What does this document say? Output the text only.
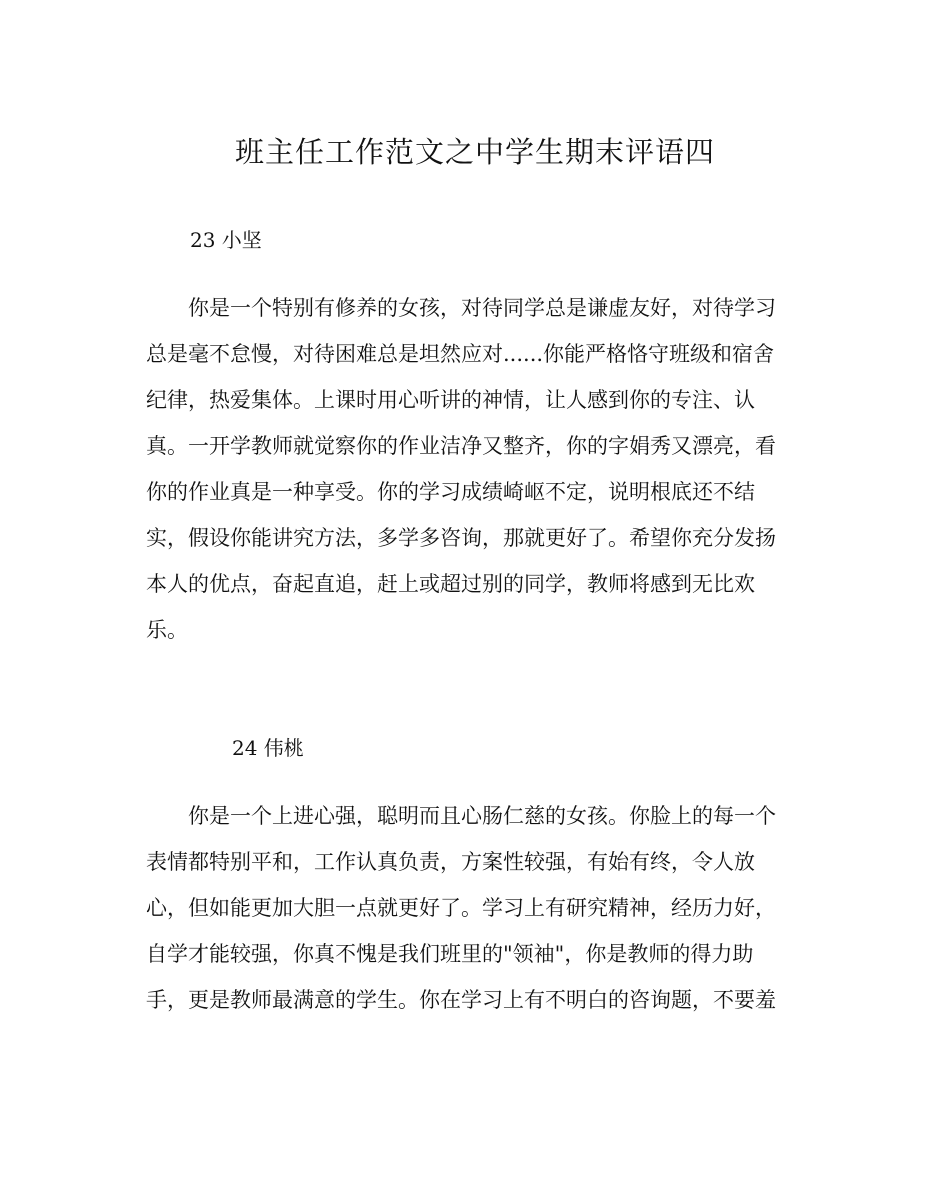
班主任工作范文之中学生期末评语四
23 小坚
　　你是一个特别有修养的女孩，对待同学总是谦虚友好，对待学习
总是毫不怠慢，对待困难总是坦然应对......你能严格恪守班级和宿舍
纪律，热爱集体。上课时用心听讲的神情，让人感到你的专注、认
真。一开学教师就觉察你的作业洁净又整齐，你的字娟秀又漂亮，看
你的作业真是一种享受。你的学习成绩崎岖不定，说明根底还不结
实，假设你能讲究方法，多学多咨询，那就更好了。希望你充分发扬
本人的优点，奋起直追，赶上或超过别的同学，教师将感到无比欢
乐。
24 伟桃
　　你是一个上进心强，聪明而且心肠仁慈的女孩。你脸上的每一个
表情都特别平和，工作认真负责，方案性较强，有始有终，令人放
心，但如能更加大胆一点就更好了。学习上有研究精神，经历力好，
自学才能较强，你真不愧是我们班里的"领袖"，你是教师的得力助
手，更是教师最满意的学生。你在学习上有不明白的咨询题，不要羞
